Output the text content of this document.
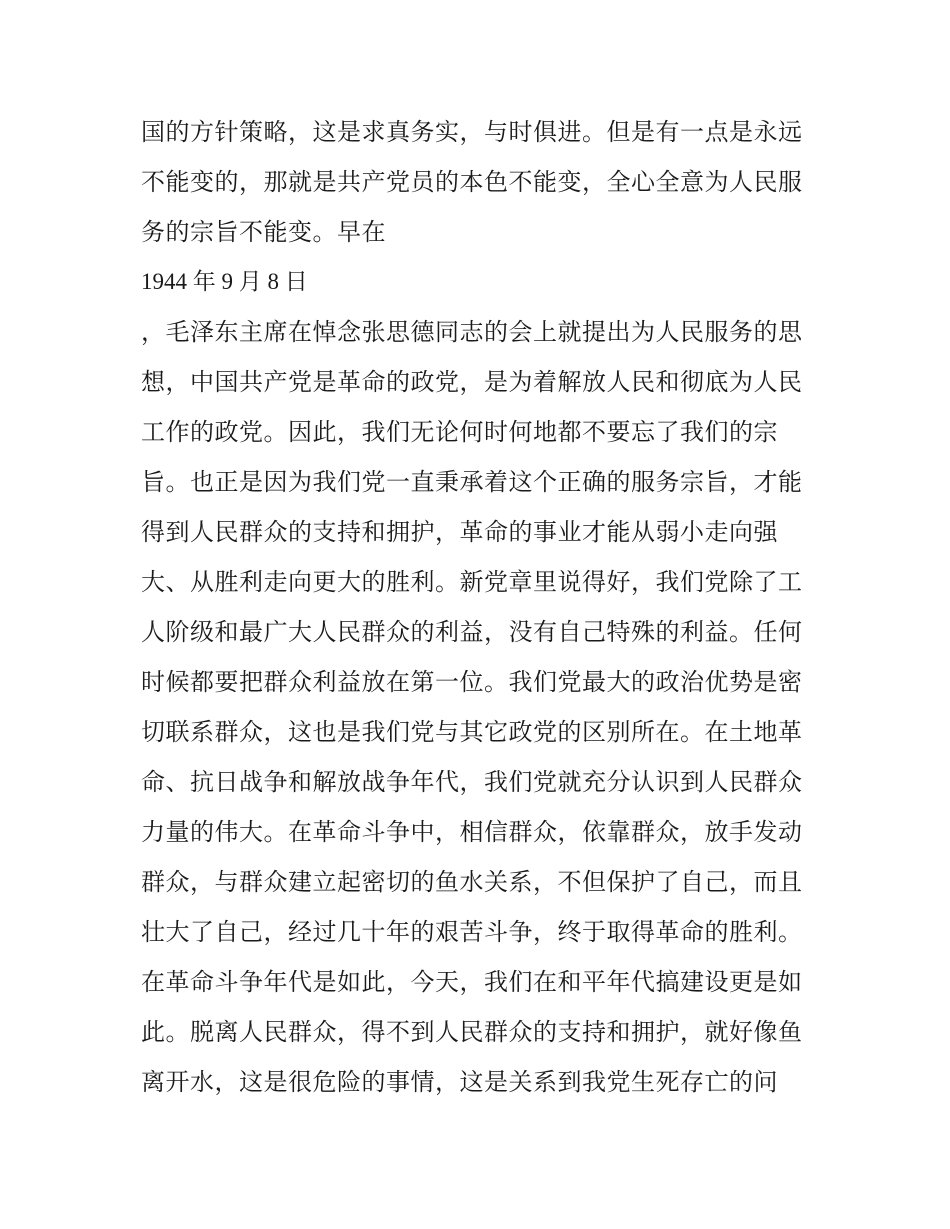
国的方针策略，这是求真务实，与时俱进。但是有一点是永远
不能变的，那就是共产党员的本色不能变，全心全意为人民服
务的宗旨不能变。早在
1944 年 9 月 8 日
，毛泽东主席在悼念张思德同志的会上就提出为人民服务的思
想，中国共产党是革命的政党，是为着解放人民和彻底为人民
工作的政党。因此，我们无论何时何地都不要忘了我们的宗
旨。也正是因为我们党一直秉承着这个正确的服务宗旨，才能
得到人民群众的支持和拥护，革命的事业才能从弱小走向强
大、从胜利走向更大的胜利。新党章里说得好，我们党除了工
人阶级和最广大人民群众的利益，没有自己特殊的利益。任何
时候都要把群众利益放在第一位。我们党最大的政治优势是密
切联系群众，这也是我们党与其它政党的区别所在。在土地革
命、抗日战争和解放战争年代，我们党就充分认识到人民群众
力量的伟大。在革命斗争中，相信群众，依靠群众，放手发动
群众，与群众建立起密切的鱼水关系，不但保护了自己，而且
壮大了自己，经过几十年的艰苦斗争，终于取得革命的胜利。
在革命斗争年代是如此，今天，我们在和平年代搞建设更是如
此。脱离人民群众，得不到人民群众的支持和拥护，就好像鱼
离开水，这是很危险的事情，这是关系到我党生死存亡的问
